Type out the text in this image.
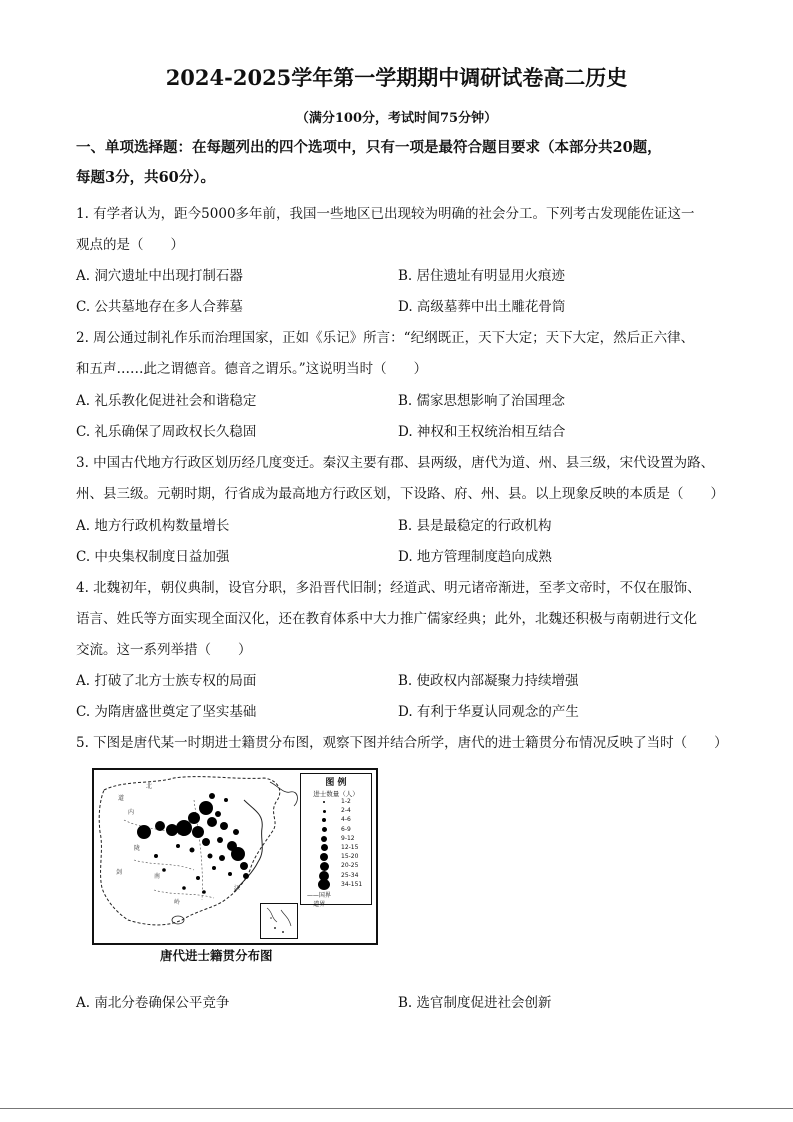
2024-2025学年第一学期期中调研试卷高二历史
（满分100分，考试时间75分钟）
一、单项选择题：在每题列出的四个选项中，只有一项是最符合题目要求（本部分共20题，
每题3分，共60分）。
1. 有学者认为，距今5000多年前，我国一些地区已出现较为明确的社会分工。下列考古发现能佐证这一
观点的是（　　）
A. 洞穴遗址中出现打制石器	B. 居住遗址有明显用火痕迹
C. 公共墓地存在多人合葬墓	D. 高级墓葬中出土雕花骨筒
2. 周公通过制礼作乐而治理国家，正如《乐记》所言：“纪纲既正，天下大定；天下大定，然后正六律、
和五声……此之谓德音。德音之谓乐。”这说明当时（　　）
A. 礼乐教化促进社会和谐稳定	B. 儒家思想影响了治国理念
C. 礼乐确保了周政权长久稳固	D. 神权和王权统治相互结合
3. 中国古代地方行政区划历经几度变迁。秦汉主要有郡、县两级，唐代为道、州、县三级，宋代设置为路、
州、县三级。元朝时期，行省成为最高地方行政区划，下设路、府、州、县。以上现象反映的本质是（　　）
A. 地方行政机构数量增长	B. 县是最稳定的行政机构
C. 中央集权制度日益加强	D. 地方管理制度趋向成熟
4. 北魏初年，朝仪典制，设官分职，多沿晋代旧制；经道武、明元诸帝渐进，至孝文帝时，不仅在服饰、
语言、姓氏等方面实现全面汉化，还在教育体系中大力推广儒家经典；此外，北魏还积极与南朝进行文化
交流。这一系列举措（　　）
A. 打破了北方士族专权的局面	B. 使政权内部凝聚力持续增强
C. 为隋唐盛世奠定了坚实基础	D. 有利于华夏认同观念的产生
5. 下图是唐代某一时期进士籍贯分布图，观察下图并结合所学，唐代的进士籍贯分布情况反映了当时（　　）
北
道
内
陇
剑
南
岭
江
图 例
进士数量（人）
1-2
2-4
4-6
6-9
9-12
12-15
15-20
20-25
25-34
34-151
— — 国界
- - - 道界
唐代进士籍贯分布图
A. 南北分卷确保公平竞争	B. 选官制度促进社会创新
